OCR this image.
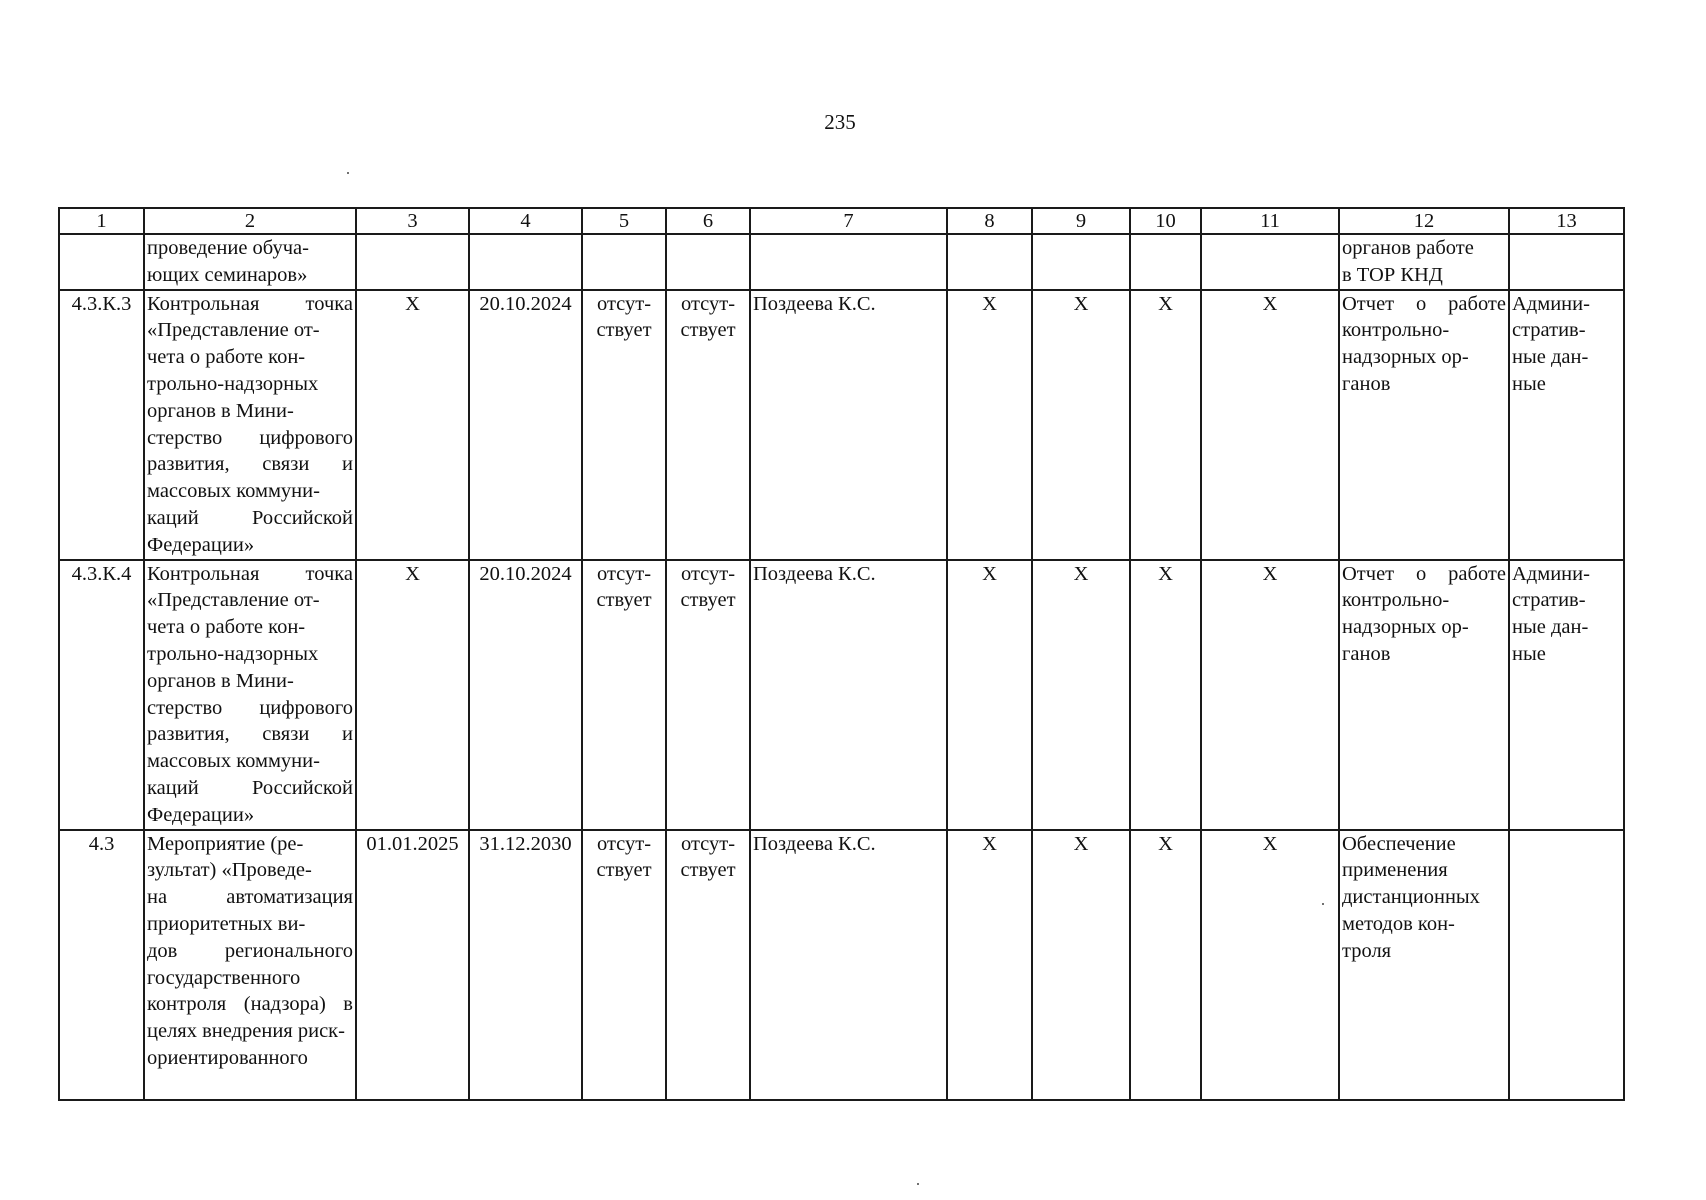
235
1	2	3	4	5	6	7	8	9	10	11	12	13
	проведение обуча-
ющих семинаров»										органов работе
в ТОР КНД	
4.3.К.3	Контрольная точка «Представление от-
чета о работе кон-
трольно-надзорных органов в Мини-
стерство цифрового развития, связи и массовых коммуни-
каций Российской Федерации»	X	20.10.2024	отсут-
ствует	отсут-
ствует	Поздеева К.С.	X	X	X	X	Отчет о работе контрольно-
надзорных ор-
ганов	Админи-
стратив-
ные дан-
ные
4.3.К.4	Контрольная точка «Представление от-
чета о работе кон-
трольно-надзорных органов в Мини-
стерство цифрового развития, связи и массовых коммуни-
каций Российской Федерации»	X	20.10.2024	отсут-
ствует	отсут-
ствует	Поздеева К.С.	X	X	X	X	Отчет о работе контрольно-
надзорных ор-
ганов	Админи-
стратив-
ные дан-
ные
4.3	Мероприятие (ре-
зультат) «Проведе-
на автоматизация приоритетных ви-
дов регионального государственного контроля (надзора) в целях внедрения риск-
ориентированного	01.01.2025	31.12.2030	отсут-
ствует	отсут-
ствует	Поздеева К.С.	X	X	X	X	Обеспечение применения дистанционных методов кон-
троля	
